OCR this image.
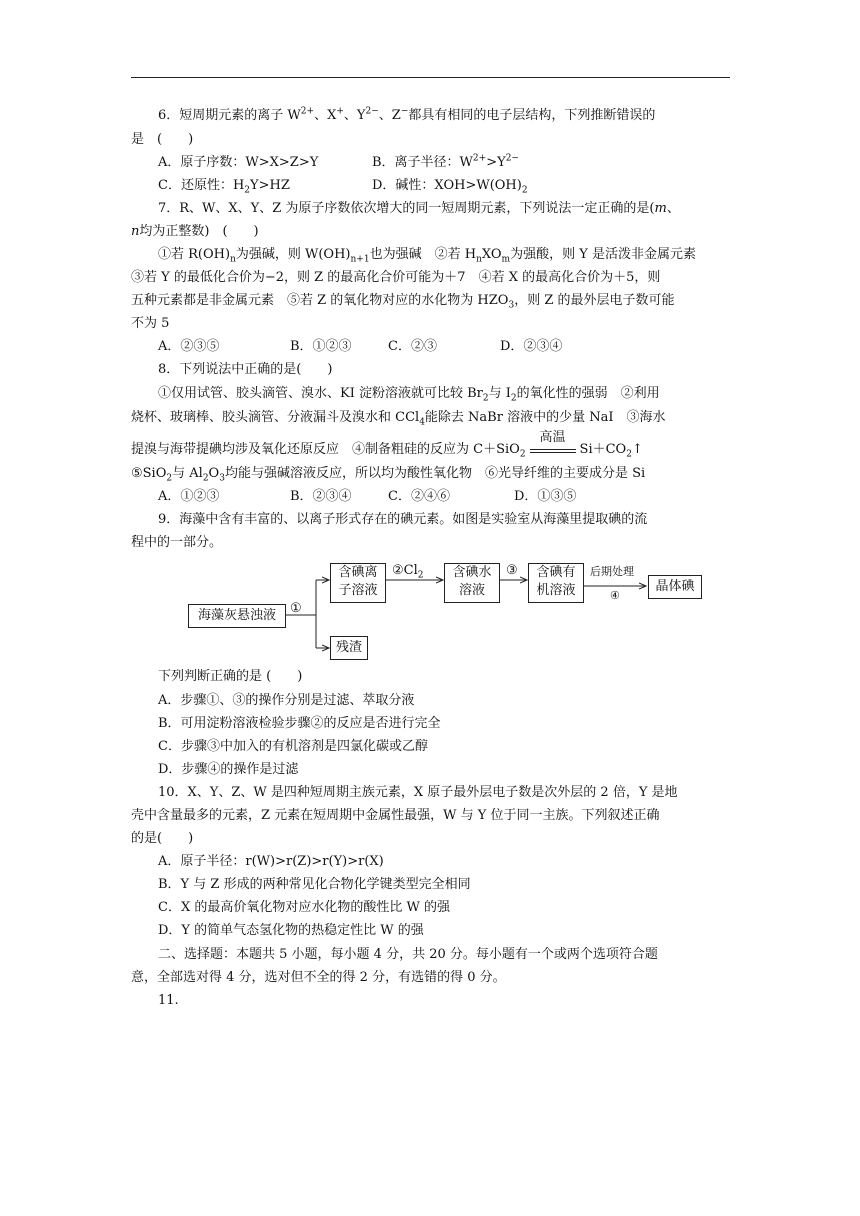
6．短周期元素的离子 $W^{2+}$、X+、$Y^{2-}$、Z−都具有相同的电子层结构，下列推断错误的
是　(　　)
A．原子序数：W>X>Z>Y	B．离子半径：$W^{2+}>Y^{2-}$
C．还原性：$H_2Y>HZ$	D．碱性：$XOH>W(OH)_2$
7．R、W、X、Y、Z 为原子序数依次增大的同一短周期元素，下列说法一定正确的是(m、
n均为正整数)　(　　)
①若 $R(OH)_n$为强碱，则 $W(OH)_{n+1}$也为强碱　②若 $H_nXO_m$为强酸，则 Y 是活泼非金属元素
③若 Y 的最低化合价为−2，则 Z 的最高化合价可能为＋7　④若 X 的最高化合价为＋5，则
五种元素都是非金属元素　⑤若 Z 的氧化物对应的水化物为 $HZO_3$，则 Z 的最外层电子数可能
不为 5
A．②③⑤	B．①②③	C．②③	D．②③④
8．下列说法中正确的是(　　)
①仅用试管、胶头滴管、溴水、KI 淀粉溶液就可比较 $Br_2$与 $I_2$的氧化性的强弱　②利用
烧杯、玻璃棒、胶头滴管、分液漏斗及溴水和 CCl$_4$能除去 NaBr 溶液中的少量 NaI　③海水
提溴与海带提碘均涉及氧化还原反应　④制备粗硅的反应为 C＋SiO$_2$
高温
$Si+CO_2↑$
⑤SiO$_2$与 $Al_2O_3$均能与强碱溶液反应，所以均为酸性氧化物　⑥光导纤维的主要成分是 Si
A．①②③	B．②③④	C．②④⑥	D．①③⑤
9．海藻中含有丰富的、以离子形式存在的碘元素。如图是实验室从海藻里提取碘的流
程中的一部分。
海藻灰悬浊液	①
含碘离
子溶液
$②Cl_2$	含碘水
溶液
③	含碘有
机溶液
后期处理
④
晶体碘
残渣
下列判断正确的是 (　　)
A．步骤①、③的操作分别是过滤、萃取分液
B．可用淀粉溶液检验步骤②的反应是否进行完全
C．步骤③中加入的有机溶剂是四氯化碳或乙醇
D．步骤④的操作是过滤
10．X、Y、Z、W 是四种短周期主族元素，X 原子最外层电子数是次外层的 2 倍，Y 是地
壳中含量最多的元素，Z 元素在短周期中金属性最强，W 与 Y 位于同一主族。下列叙述正确
的是(　　)
A．原子半径：r(W)>r(Z)>r(Y)>r(X)
B．Y 与 Z 形成的两种常见化合物化学键类型完全相同
C．X 的最高价氧化物对应水化物的酸性比 W 的强
D．Y 的简单气态氢化物的热稳定性比 W 的强
二、选择题：本题共 5 小题，每小题 4 分，共 20 分。每小题有一个或两个选项符合题
意，全部选对得 4 分，选对但不全的得 2 分，有选错的得 0 分。
11.
